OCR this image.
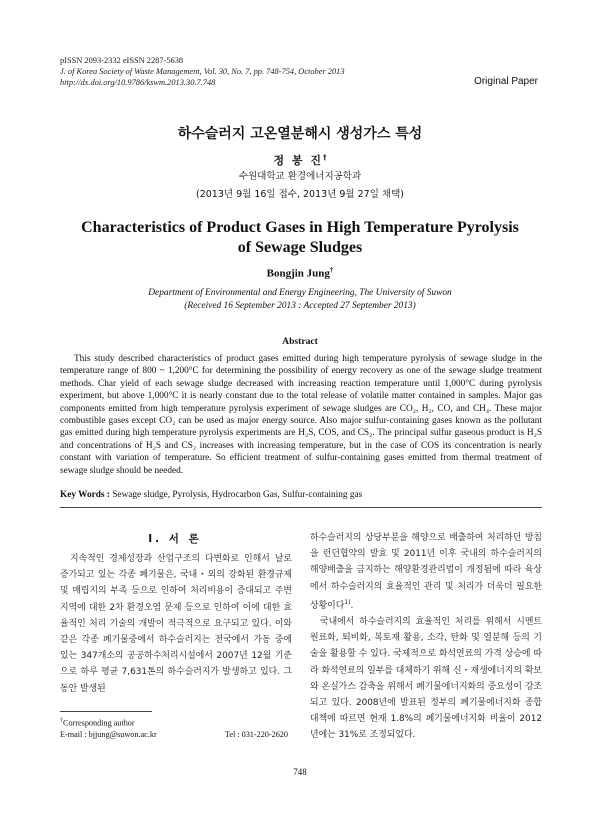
pISSN 2093-2332 eISSN 2287-5638
J. of Korea Society of Waste Management, Vol. 30, No. 7, pp. 748-754, October 2013
http://dx.doi.org/10.9786/kswm.2013.30.7.748	Original Paper
하수슬러지 고온열분해시 생성가스 특성
정 봉 진†
수원대학교 환경에너지공학과
(2013년 9월 16일 접수, 2013년 9월 27일 채택)
Characteristics of Product Gases in High Temperature Pyrolysis
of Sewage Sludges
Bongjin Jung†
Department of Environmental and Energy Engineering, The University of Suwon
(Received 16 September 2013 : Accepted 27 September 2013)
Abstract
This study described characteristics of product gases emitted during high temperature pyrolysis of sewage sludge in the temperature range of 800 ~ 1,200°C for determining the possibility of energy recovery as one of the sewage sludge treatment methods. Char yield of each sewage sludge decreased with increasing reaction temperature until 1,000°C during pyrolysis experiment, but above 1,000°C it is nearly constant due to the total release of volatile matter contained in samples. Major gas components emitted from high temperature pyrolysis experiment of sewage sludges are CO₂, H₂, CO, and CH₄. These major combustible gases except CO₂ can be used as major energy source. Also major sulfur-containing gases known as the pollutant gas emitted during high temperature pyrolysis experiments are H₂S, COS, and CS₂. The principal sulfur gaseous product is H₂S and concentrations of H₂S and CS₂ increases with increasing temperature, but in the case of COS its concentration is nearly constant with variation of temperature. So efficient treatment of sulfur-containing gases emitted from thermal treatment of sewage sludge should be needed.
Key Words : Sewage sludge, Pyrolysis, Hydrocarbon Gas, Sulfur-containing gas
I. 서 론

지속적인 경제성장과 산업구조의 다변화로 인해서 날로 증가되고 있는 각종 폐기물은, 국내・외의 강화된 환경규제 및 매립지의 부족 등으로 인하여 처리비용이 증대되고 주변지역에 대한 2차 환경오염 문제 등으로 인하여 이에 대한 효율적인 처리 기술의 개발이 적극적으로 요구되고 있다. 이와같은 각종 폐기물중에서 하수슬러지는 전국에서 가동 중에 있는 347개소의 공공하수처리시설에서 2007년 12월 기준으로 하루 평균 7,631톤의 하수슬러지가 발생하고 있다. 그동안 발생된

하수슬러지의 상당부분을 해양으로 배출하여 처리하던 방침을 런던협약의 발효 및 2011년 이후 국내의 하수슬러지의 해양배출을 금지하는 해양환경관리법이 개정됨에 따라 육상에서 하수슬러지의 효율적인 관리 및 처리가 더욱더 필요한 상황이다$^{1)}$.

국내에서 하수슬러지의 효율적인 처리를 위해서 시멘트 원료화, 퇴비화, 복토재 활용, 소각, 탄화 및 열분해 등의 기술을 활용할 수 있다. 국제적으로 화석연료의 가격 상승에 따라 화석연료의 일부를 대체하기 위해 신・재생에너지의 확보와 온실가스 감축을 위해서 폐기물에너지화의 중요성이 강조되고 있다. 2008년에 발표된 정부의 폐기물에너지화 종합 대책에 따르면 현재 1.8%의 폐기물에너지화 비율이 2012년에는 31%로 조정되었다.

†Corresponding author
E-mail : bjjung@suwon.ac.kr	Tel : 031-220-2620
748
